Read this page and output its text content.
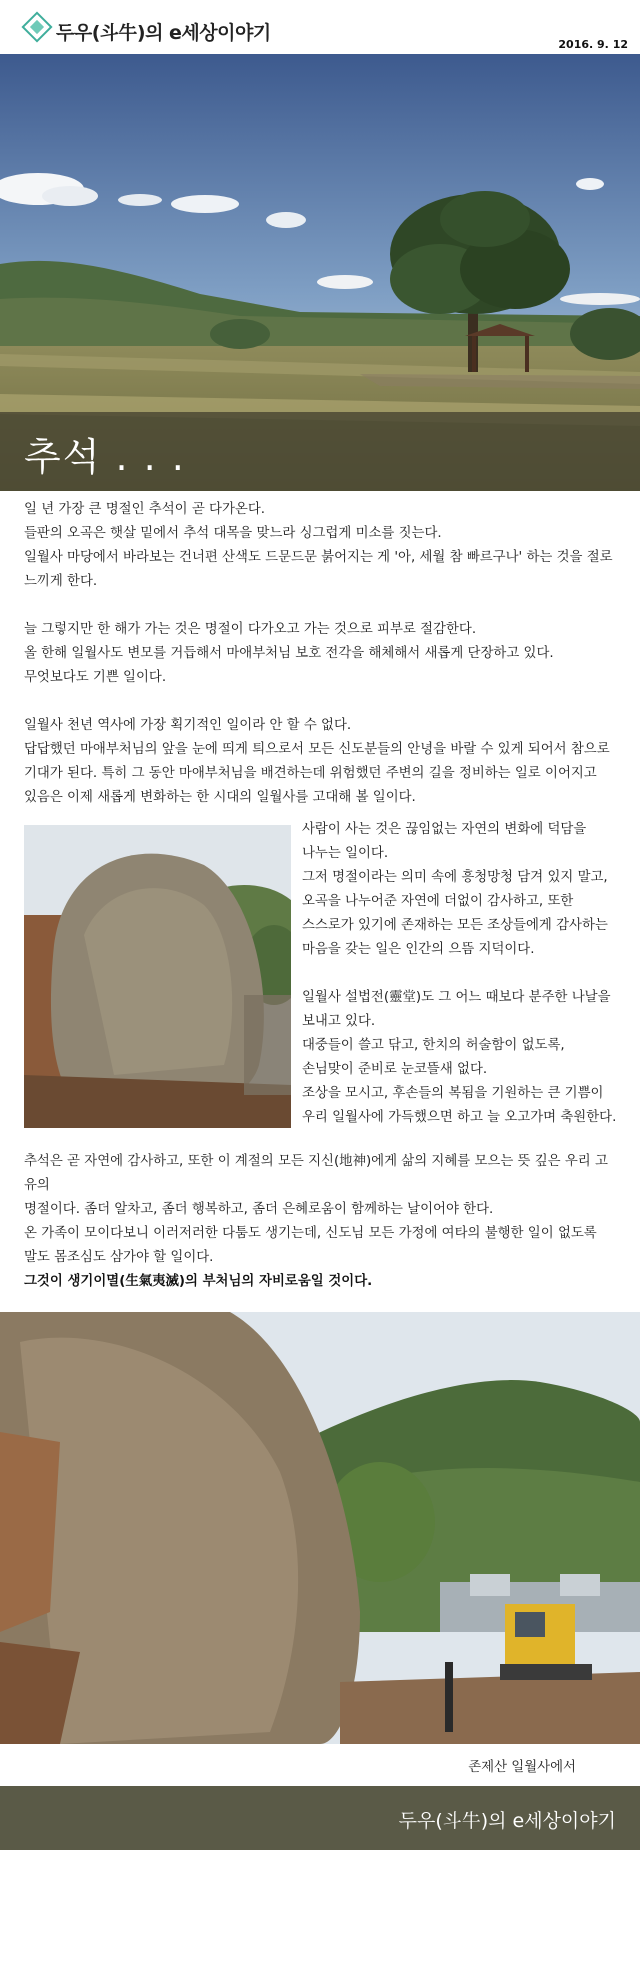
두우(斗牛)의 e세상이야기
2016. 9. 12
추석 . . .

일 년 가장 큰 명절인 추석이 곧 다가온다.

들판의 오곡은 햇살 밑에서 추석 대목을 맞느라 싱그럽게 미소를 짓는다.

일월사 마당에서 바라보는 건너편 산색도 드문드문 붉어지는 게 '아, 세월 참 빠르구나' 하는 것을 절로

느끼게 한다.

늘 그렇지만 한 해가 가는 것은 명절이 다가오고 가는 것으로 피부로 절감한다.

올 한해 일월사도 변모를 거듭해서 마애부처님 보호 전각을 해체해서 새롭게 단장하고 있다.

무엇보다도 기쁜 일이다.

일월사 천년 역사에 가장 획기적인 일이라 안 할 수 없다.

답답했던 마애부처님의 앞을 눈에 띄게 틔으로서 모든 신도분들의 안녕을 바랄 수 있게 되어서 참으로

기대가 된다. 특히 그 동안 마애부처님을 배견하는데 위험했던 주변의 길을 정비하는 일로 이어지고

있음은 이제 새롭게 변화하는 한 시대의 일월사를 고대해 볼 일이다.

사람이 사는 것은 끊임없는 자연의 변화에 덕담을

나누는 일이다.

그저 명절이라는 의미 속에 흥청망청 담겨 있지 말고,

오곡을 나누어준 자연에 더없이 감사하고, 또한

스스로가 있기에 존재하는 모든 조상들에게 감사하는

마음을 갖는 일은 인간의 으뜸 지덕이다.

일월사 설법전(靈堂)도 그 어느 때보다 분주한 나날을

보내고 있다.

대중들이 쓸고 닦고, 한치의 허술함이 없도록,

손님맞이 준비로 눈코뜰새 없다.

조상을 모시고, 후손들의 복됨을 기원하는 큰 기쁨이

우리 일월사에 가득했으면 하고 늘 오고가며 축원한다.

추석은 곧 자연에 감사하고, 또한 이 계절의 모든 지신(地神)에게 삶의 지혜를 모으는 뜻 깊은 우리 고유의

명절이다. 좀더 알차고, 좀더 행복하고, 좀더 은혜로움이 함께하는 날이어야 한다.

온 가족이 모이다보니 이러저러한 다툼도 생기는데, 신도님 모든 가정에 여타의 불행한 일이 없도록

말도 몸조심도 삼가야 할 일이다.

그것이 생기이멸(生氣夷滅)의 부처님의 자비로움일 것이다.

존제산 일월사에서
두우(斗牛)의 e세상이야기
